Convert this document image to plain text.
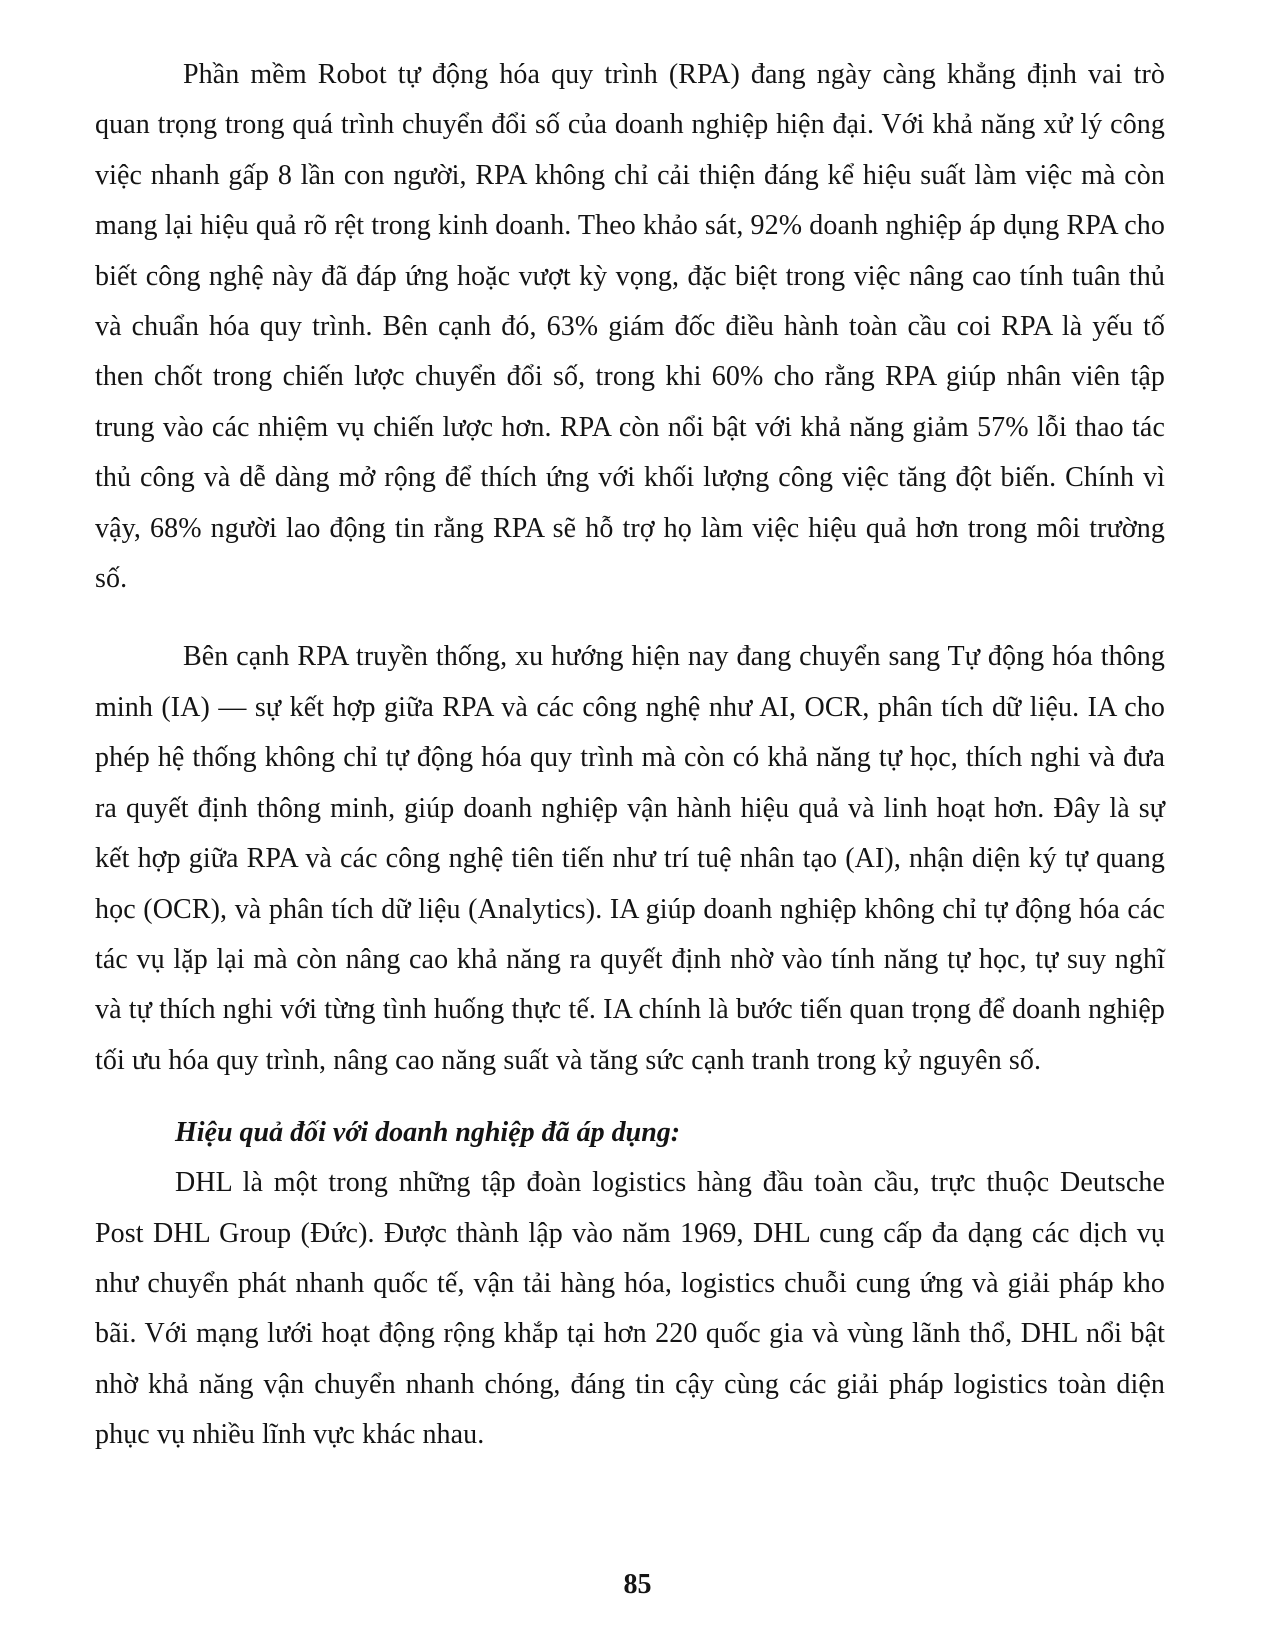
Phần mềm Robot tự động hóa quy trình (RPA) đang ngày càng khẳng định vai trò quan trọng trong quá trình chuyển đổi số của doanh nghiệp hiện đại. Với khả năng xử lý công việc nhanh gấp 8 lần con người, RPA không chỉ cải thiện đáng kể hiệu suất làm việc mà còn mang lại hiệu quả rõ rệt trong kinh doanh. Theo khảo sát, 92% doanh nghiệp áp dụng RPA cho biết công nghệ này đã đáp ứng hoặc vượt kỳ vọng, đặc biệt trong việc nâng cao tính tuân thủ và chuẩn hóa quy trình. Bên cạnh đó, 63% giám đốc điều hành toàn cầu coi RPA là yếu tố then chốt trong chiến lược chuyển đổi số, trong khi 60% cho rằng RPA giúp nhân viên tập trung vào các nhiệm vụ chiến lược hơn. RPA còn nổi bật với khả năng giảm 57% lỗi thao tác thủ công và dễ dàng mở rộng để thích ứng với khối lượng công việc tăng đột biến. Chính vì vậy, 68% người lao động tin rằng RPA sẽ hỗ trợ họ làm việc hiệu quả hơn trong môi trường số.

Bên cạnh RPA truyền thống, xu hướng hiện nay đang chuyển sang Tự động hóa thông minh (IA) — sự kết hợp giữa RPA và các công nghệ như AI, OCR, phân tích dữ liệu. IA cho phép hệ thống không chỉ tự động hóa quy trình mà còn có khả năng tự học, thích nghi và đưa ra quyết định thông minh, giúp doanh nghiệp vận hành hiệu quả và linh hoạt hơn. Đây là sự kết hợp giữa RPA và các công nghệ tiên tiến như trí tuệ nhân tạo (AI), nhận diện ký tự quang học (OCR), và phân tích dữ liệu (Analytics). IA giúp doanh nghiệp không chỉ tự động hóa các tác vụ lặp lại mà còn nâng cao khả năng ra quyết định nhờ vào tính năng tự học, tự suy nghĩ và tự thích nghi với từng tình huống thực tế. IA chính là bước tiến quan trọng để doanh nghiệp tối ưu hóa quy trình, nâng cao năng suất và tăng sức cạnh tranh trong kỷ nguyên số.

Hiệu quả đối với doanh nghiệp đã áp dụng:

DHL là một trong những tập đoàn logistics hàng đầu toàn cầu, trực thuộc Deutsche Post DHL Group (Đức). Được thành lập vào năm 1969, DHL cung cấp đa dạng các dịch vụ như chuyển phát nhanh quốc tế, vận tải hàng hóa, logistics chuỗi cung ứng và giải pháp kho bãi. Với mạng lưới hoạt động rộng khắp tại hơn 220 quốc gia và vùng lãnh thổ, DHL nổi bật nhờ khả năng vận chuyển nhanh chóng, đáng tin cậy cùng các giải pháp logistics toàn diện phục vụ nhiều lĩnh vực khác nhau.

85
